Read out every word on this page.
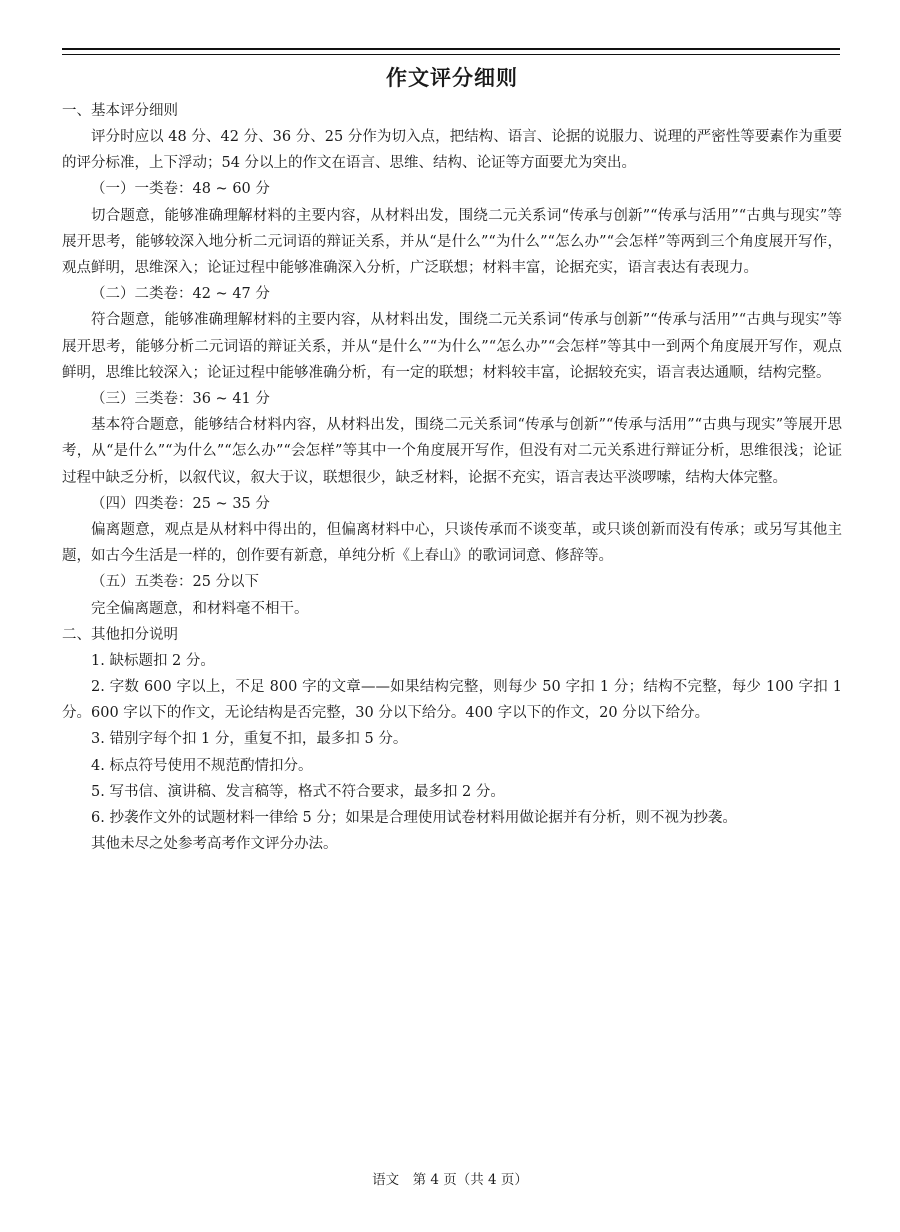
作文评分细则

一、基本评分细则

评分时应以 48 分、42 分、36 分、25 分作为切入点，把结构、语言、论据的说服力、说理的严密性等要素作为重要的评分标准，上下浮动；54 分以上的作文在语言、思维、结构、论证等方面要尤为突出。

（一）一类卷：48 ~ 60 分

切合题意，能够准确理解材料的主要内容，从材料出发，围绕二元关系词“传承与创新”“传承与活用”“古典与现实”等展开思考，能够较深入地分析二元词语的辩证关系，并从“是什么”“为什么”“怎么办”“会怎样”等两到三个角度展开写作，观点鲜明，思维深入；论证过程中能够准确深入分析，广泛联想；材料丰富，论据充实，语言表达有表现力。

（二）二类卷：42 ~ 47 分

符合题意，能够准确理解材料的主要内容，从材料出发，围绕二元关系词“传承与创新”“传承与活用”“古典与现实”等展开思考，能够分析二元词语的辩证关系，并从“是什么”“为什么”“怎么办”“会怎样”等其中一到两个角度展开写作，观点鲜明，思维比较深入；论证过程中能够准确分析，有一定的联想；材料较丰富，论据较充实，语言表达通顺，结构完整。

（三）三类卷：36 ~ 41 分

基本符合题意，能够结合材料内容，从材料出发，围绕二元关系词“传承与创新”“传承与活用”“古典与现实”等展开思考，从“是什么”“为什么”“怎么办”“会怎样”等其中一个角度展开写作，但没有对二元关系进行辩证分析，思维很浅；论证过程中缺乏分析，以叙代议，叙大于议，联想很少，缺乏材料，论据不充实，语言表达平淡啰嗦，结构大体完整。

（四）四类卷：25 ~ 35 分

偏离题意，观点是从材料中得出的，但偏离材料中心，只谈传承而不谈变革，或只谈创新而没有传承；或另写其他主题，如古今生活是一样的，创作要有新意，单纯分析《上春山》的歌词词意、修辞等。

（五）五类卷：25 分以下

完全偏离题意，和材料毫不相干。

二、其他扣分说明

1. 缺标题扣 2 分。

2. 字数 600 字以上，不足 800 字的文章——如果结构完整，则每少 50 字扣 1 分；结构不完整，每少 100 字扣 1 分。600 字以下的作文，无论结构是否完整，30 分以下给分。400 字以下的作文，20 分以下给分。

3. 错别字每个扣 1 分，重复不扣，最多扣 5 分。

4. 标点符号使用不规范酌情扣分。

5. 写书信、演讲稿、发言稿等，格式不符合要求，最多扣 2 分。

6. 抄袭作文外的试题材料一律给 5 分；如果是合理使用试卷材料用做论据并有分析，则不视为抄袭。

其他未尽之处参考高考作文评分办法。

语文　第 4 页（共 4 页）
